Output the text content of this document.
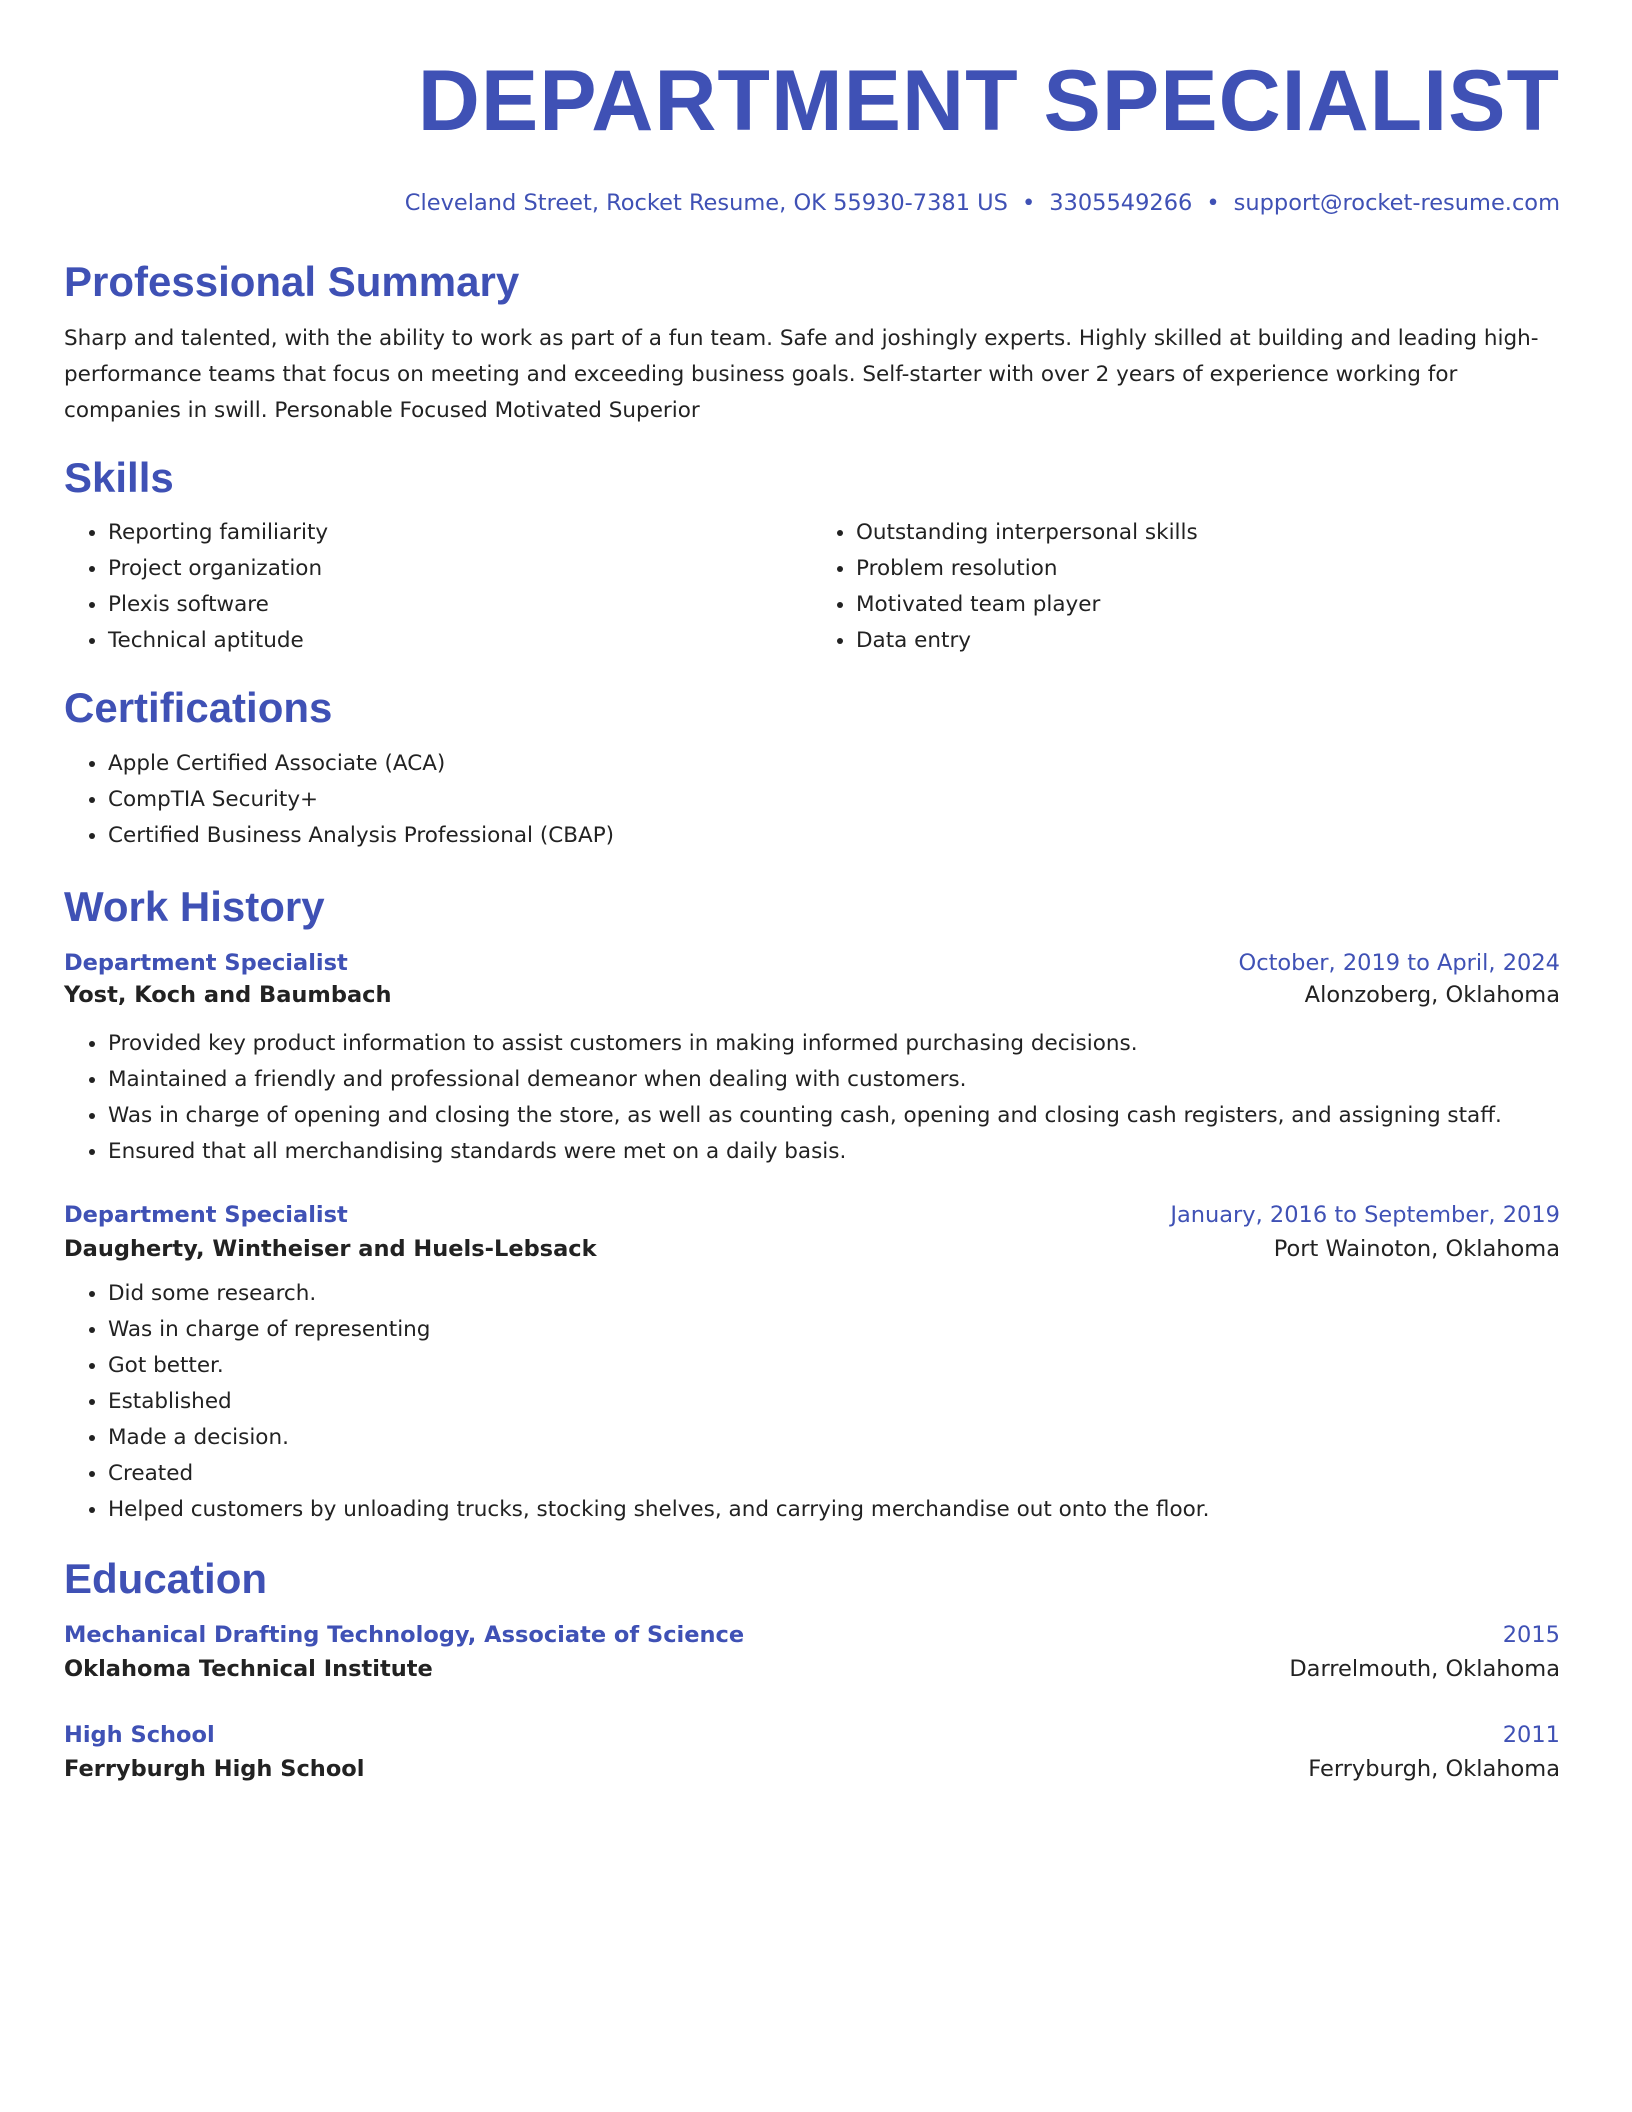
DEPARTMENT SPECIALIST
Cleveland Street, Rocket Resume, OK 55930-7381 US • 3305549266 • support@rocket-resume.com
Professional Summary
Sharp and talented, with the ability to work as part of a fun team. Safe and joshingly experts. Highly skilled at building and leading high-performance teams that focus on meeting and exceeding business goals. Self-starter with over 2 years of experience working for companies in swill. Personable Focused Motivated Superior
Skills
• Reporting familiarity
• Project organization
• Plexis software
• Technical aptitude
• Outstanding interpersonal skills
• Problem resolution
• Motivated team player
• Data entry
Certifications
• Apple Certified Associate (ACA)
• CompTIA Security+
• Certified Business Analysis Professional (CBAP)
Work History
Department Specialist	October, 2019 to April, 2024
Yost, Koch and Baumbach	Alonzoberg, Oklahoma
• Provided key product information to assist customers in making informed purchasing decisions.
• Maintained a friendly and professional demeanor when dealing with customers.
• Was in charge of opening and closing the store, as well as counting cash, opening and closing cash registers, and assigning staff.
• Ensured that all merchandising standards were met on a daily basis.
Department Specialist	January, 2016 to September, 2019
Daugherty, Wintheiser and Huels-Lebsack	Port Wainoton, Oklahoma
• Did some research.
• Was in charge of representing
• Got better.
• Established
• Made a decision.
• Created
• Helped customers by unloading trucks, stocking shelves, and carrying merchandise out onto the floor.
Education
Mechanical Drafting Technology, Associate of Science	2015
Oklahoma Technical Institute	Darrelmouth, Oklahoma
High School	2011
Ferryburgh High School	Ferryburgh, Oklahoma
